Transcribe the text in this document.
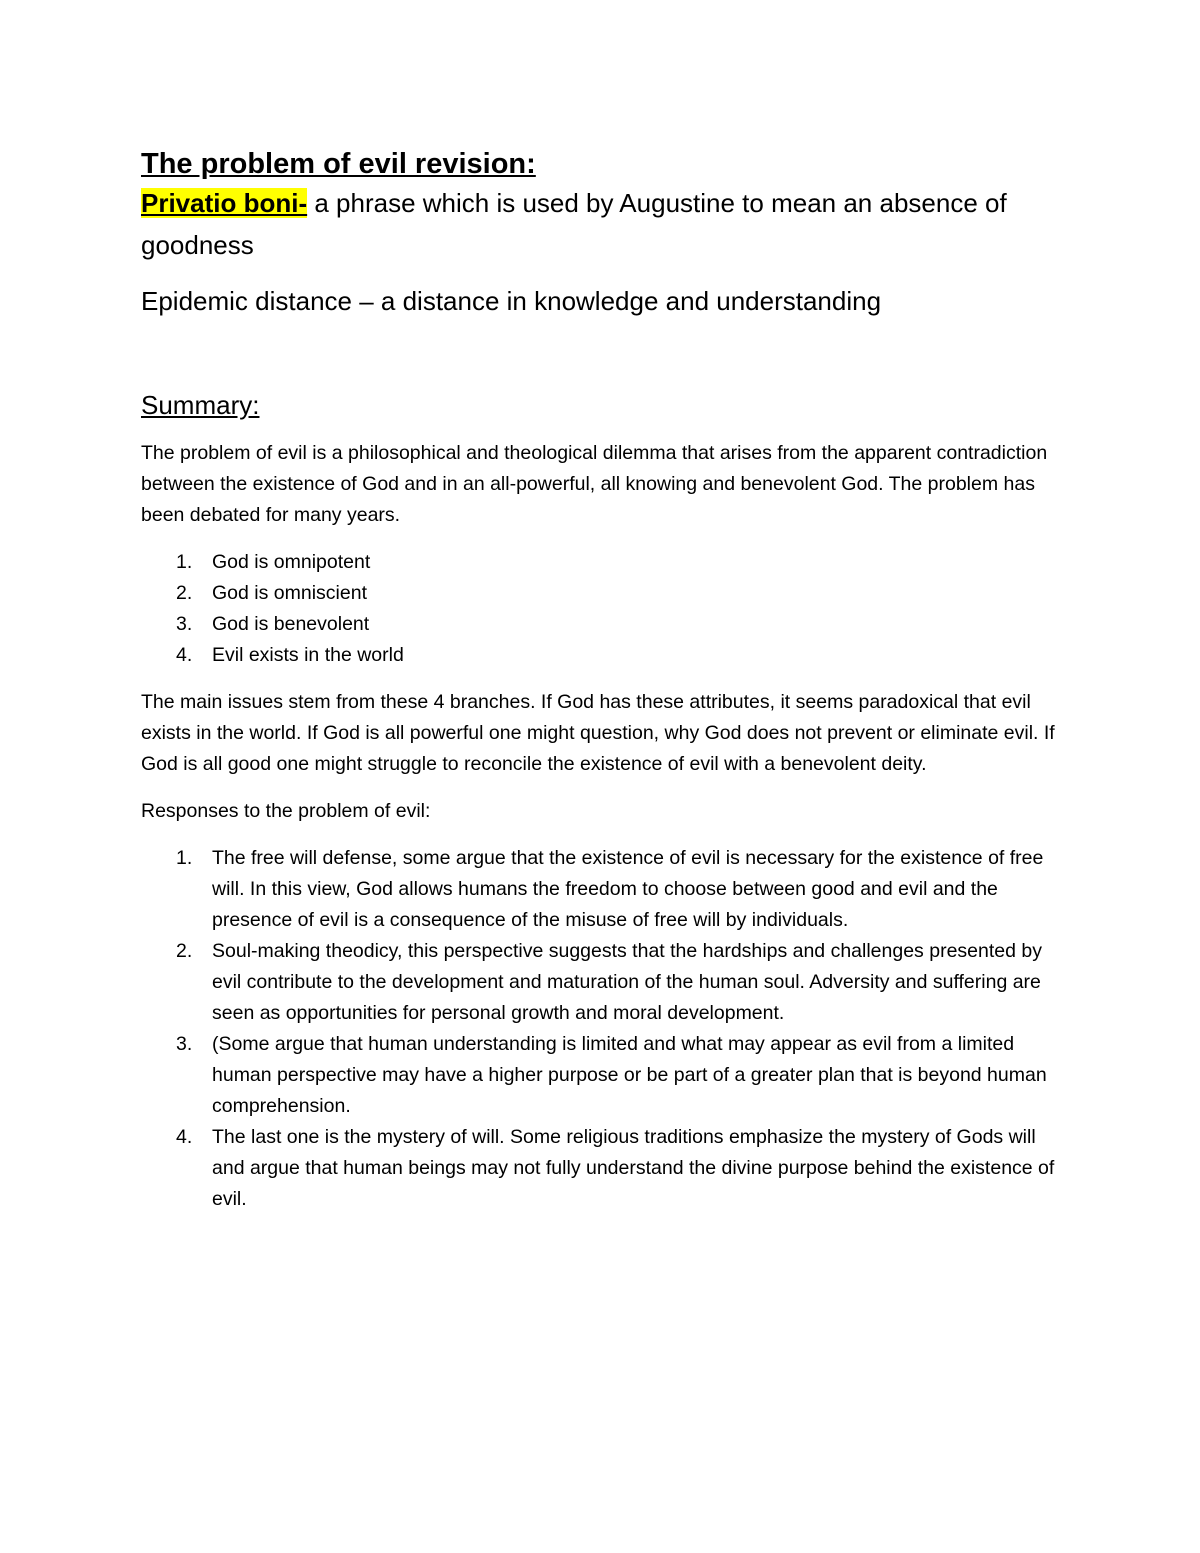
The problem of evil revision:

Privatio boni- a phrase which is used by Augustine to mean an absence of goodness

Epidemic distance – a distance in knowledge and understanding

Summary:

The problem of evil is a philosophical and theological dilemma that arises from the apparent contradiction between the existence of God and in an all-powerful, all knowing and benevolent God. The problem has been debated for many years.

1. God is omnipotent
2. God is omniscient
3. God is benevolent
4. Evil exists in the world

The main issues stem from these 4 branches. If God has these attributes, it seems paradoxical that evil exists in the world. If God is all powerful one might question, why God does not prevent or eliminate evil. If God is all good one might struggle to reconcile the existence of evil with a benevolent deity.

Responses to the problem of evil:

1. The free will defense, some argue that the existence of evil is necessary for the existence of free will. In this view, God allows humans the freedom to choose between good and evil and the presence of evil is a consequence of the misuse of free will by individuals.
2. Soul-making theodicy, this perspective suggests that the hardships and challenges presented by evil contribute to the development and maturation of the human soul. Adversity and suffering are seen as opportunities for personal growth and moral development.
3. (Some argue that human understanding is limited and what may appear as evil from a limited human perspective may have a higher purpose or be part of a greater plan that is beyond human comprehension.
4. The last one is the mystery of will. Some religious traditions emphasize the mystery of Gods will and argue that human beings may not fully understand the divine purpose behind the existence of evil.
